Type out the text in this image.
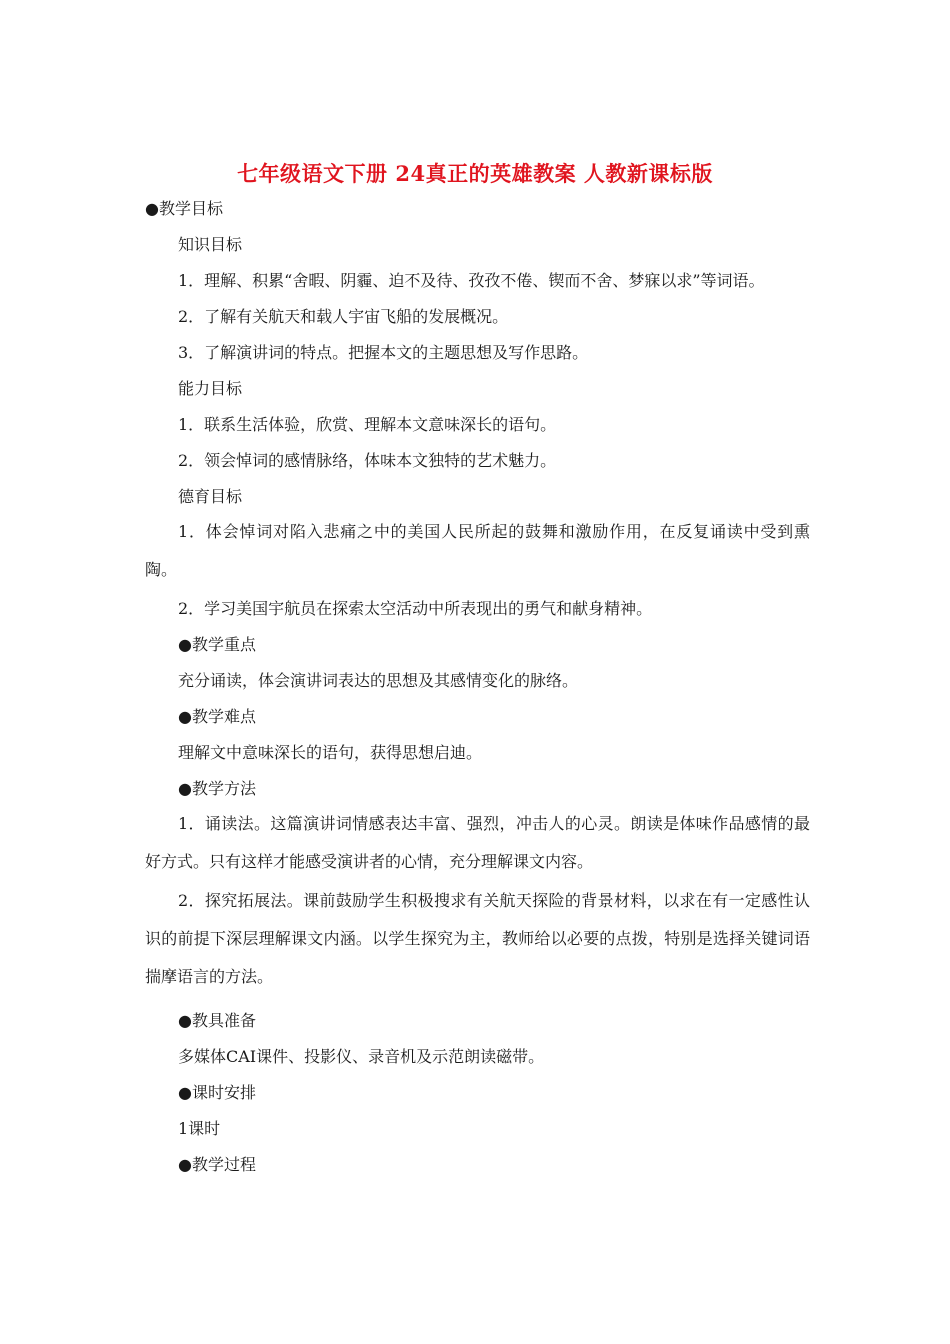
七年级语文下册 24真正的英雄教案 人教新课标版
●教学目标
知识目标
1．理解、积累“舍暇、阴霾、迫不及待、孜孜不倦、锲而不舍、梦寐以求”等词语。
2．了解有关航天和载人宇宙飞船的发展概况。
3．了解演讲词的特点。把握本文的主题思想及写作思路。
能力目标
1．联系生活体验，欣赏、理解本文意味深长的语句。
2．领会悼词的感情脉络，体味本文独特的艺术魅力。
德育目标
1．体会悼词对陷入悲痛之中的美国人民所起的鼓舞和激励作用，在反复诵读中受到熏陶。
2．学习美国宇航员在探索太空活动中所表现出的勇气和献身精神。
●教学重点
充分诵读，体会演讲词表达的思想及其感情变化的脉络。
●教学难点
理解文中意味深长的语句，获得思想启迪。
●教学方法
1．诵读法。这篇演讲词情感表达丰富、强烈，冲击人的心灵。朗读是体味作品感情的最好方式。只有这样才能感受演讲者的心情，充分理解课文内容。
2．探究拓展法。课前鼓励学生积极搜求有关航天探险的背景材料，以求在有一定感性认识的前提下深层理解课文内涵。以学生探究为主，教师给以必要的点拨，特别是选择关键词语揣摩语言的方法。
●教具准备
多媒体CAI课件、投影仪、录音机及示范朗读磁带。
●课时安排
1课时
●教学过程
